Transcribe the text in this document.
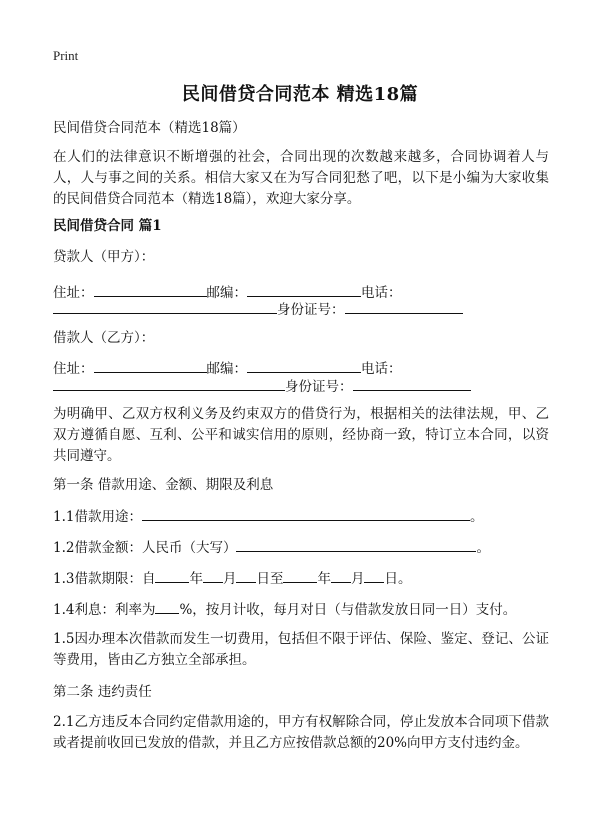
Print
民间借贷合同范本 精选18篇

民间借贷合同范本（精选18篇）

在人们的法律意识不断增强的社会，合同出现的次数越来越多，合同协调着人与人，人与事之间的关系。相信大家又在为写合同犯愁了吧，以下是小编为大家收集的民间借贷合同范本（精选18篇），欢迎大家分享。

民间借贷合同 篇1

贷款人（甲方）：

住址：	邮编：	电话：

身份证号：

借款人（乙方）：

住址：	邮编：	电话：

身份证号：

为明确甲、乙双方权利义务及约束双方的借贷行为，根据相关的法律法规，甲、乙双方遵循自愿、互利、公平和诚实信用的原则，经协商一致，特订立本合同，以资共同遵守。

第一条 借款用途、金额、期限及利息

1.1借款用途：	。

1.2借款金额：人民币（大写）	。

1.3借款期限：自	年 月 日至	年 月 日。

1.4利息：利率为 %，按月计收，每月对日（与借款发放日同一日）支付。

1.5因办理本次借款而发生一切费用，包括但不限于评估、保险、鉴定、登记、公证等费用，皆由乙方独立全部承担。

第二条 违约责任

2.1乙方违反本合同约定借款用途的，甲方有权解除合同，停止发放本合同项下借款或者提前收回已发放的借款，并且乙方应按借款总额的20%向甲方支付违约金。
